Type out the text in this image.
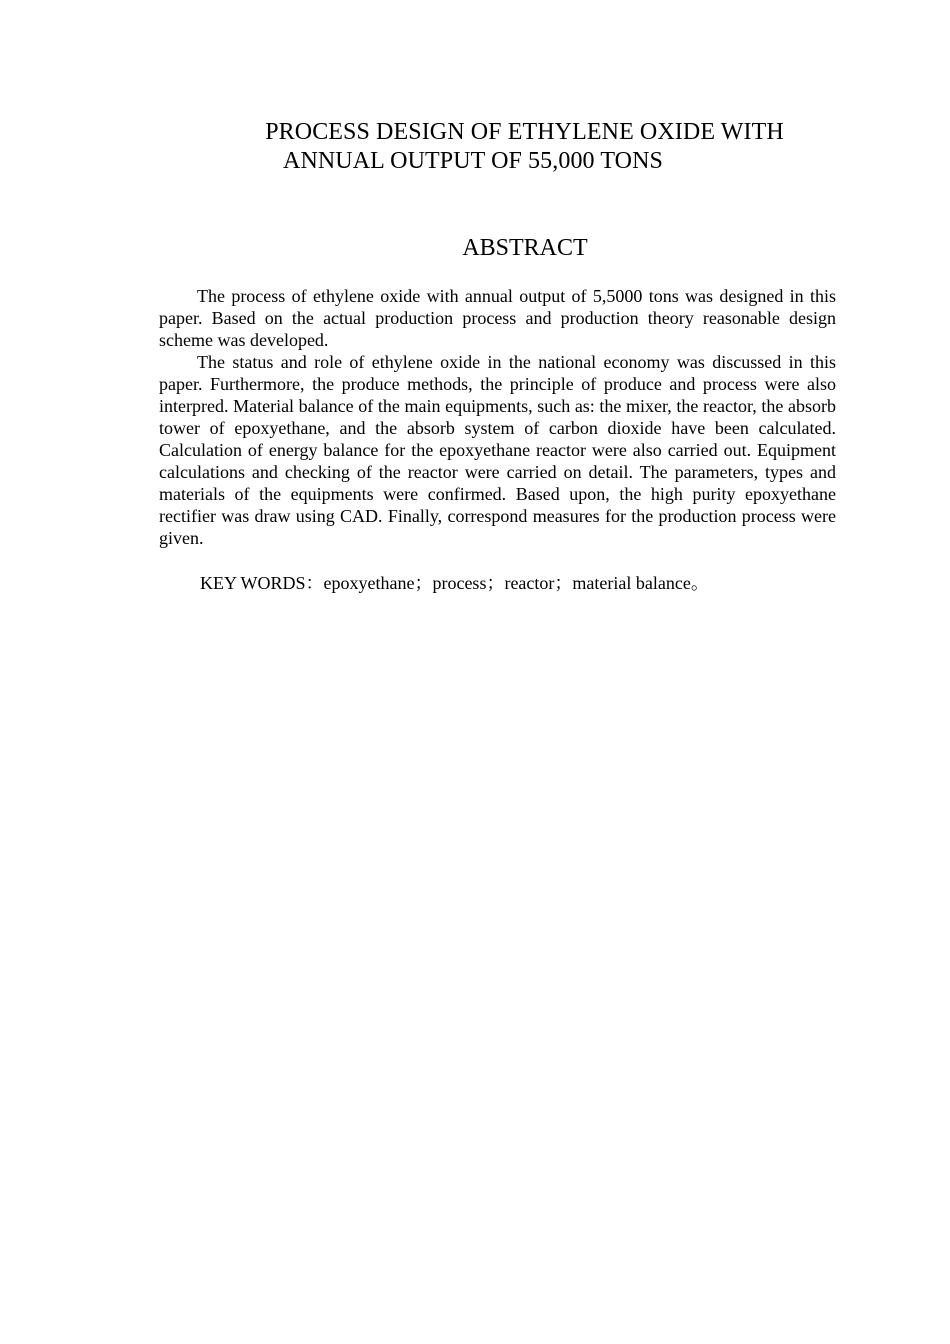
PROCESS DESIGN OF ETHYLENE OXIDE WITH
ANNUAL OUTPUT OF 55,000 TONS
ABSTRACT

The process of ethylene oxide with annual output of 5,5000 tons was designed in this paper. Based on the actual production process and production theory reasonable design scheme was developed.

The status and role of ethylene oxide in the national economy was discussed in this paper. Furthermore, the produce methods, the principle of produce and process were also interpred. Material balance of the main equipments, such as: the mixer, the reactor, the absorb tower of epoxyethane, and the absorb system of carbon dioxide have been calculated. Calculation of energy balance for the epoxyethane reactor were also carried out. Equipment calculations and checking of the reactor were carried on detail. The parameters, types and materials of the equipments were confirmed. Based upon, the high purity epoxyethane rectifier was draw using CAD. Finally, correspond measures for the production process were given.

KEY WORDS：epoxyethane；process；reactor；material balance。
